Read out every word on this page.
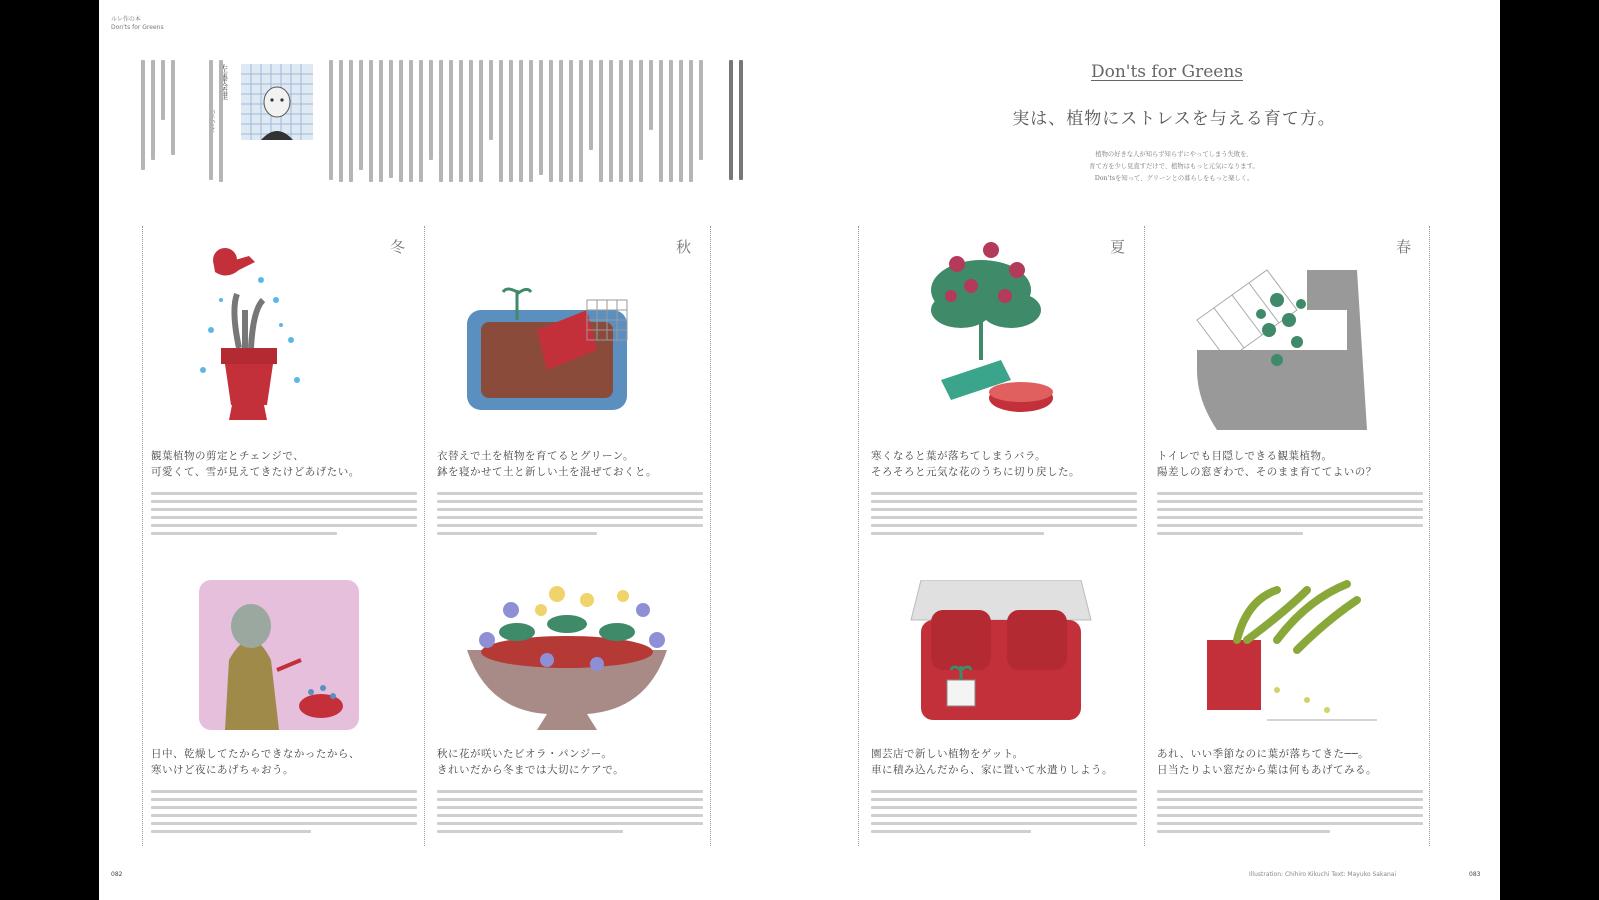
ルレ作の本
Don'ts for Greens
Don'ts for Greens
実は、植物にストレスを与える育て方。
植物の好きな人が知らず知らずにやってしまう失敗を、
育て方を少し見直すだけで、植物はもっと元気になります。
Don'tsを知って、グリーンとの暮らしをもっと楽しく。
冬
観葉植物の剪定とチェンジで、
可愛くて、雪が見えてきたけどあげたい。
秋
衣替えで土を植物を育てるとグリーン。
鉢を寝かせて土と新しい土を混ぜておくと。
夏
寒くなると葉が落ちてしまうバラ。
そろそろと元気な花のうちに切り戻した。
春
トイレでも目隠しできる観葉植物。
陽差しの窓ぎわで、そのまま育ててよいの？
日中、乾燥してたからできなかったから、
寒いけど夜にあげちゃおう。
秋に花が咲いたビオラ・パンジー。
きれいだから冬までは大切にケアで。
園芸店で新しい植物をゲット。
車に積み込んだから、家に置いて水遣りしよう。
あれ、いい季節なのに葉が落ちてきた──。
日当たりよい窓だから葉は何もあげてみる。
082	Illustration: Chihiro Kikuchi Text: Mayuko Sakanai	083
